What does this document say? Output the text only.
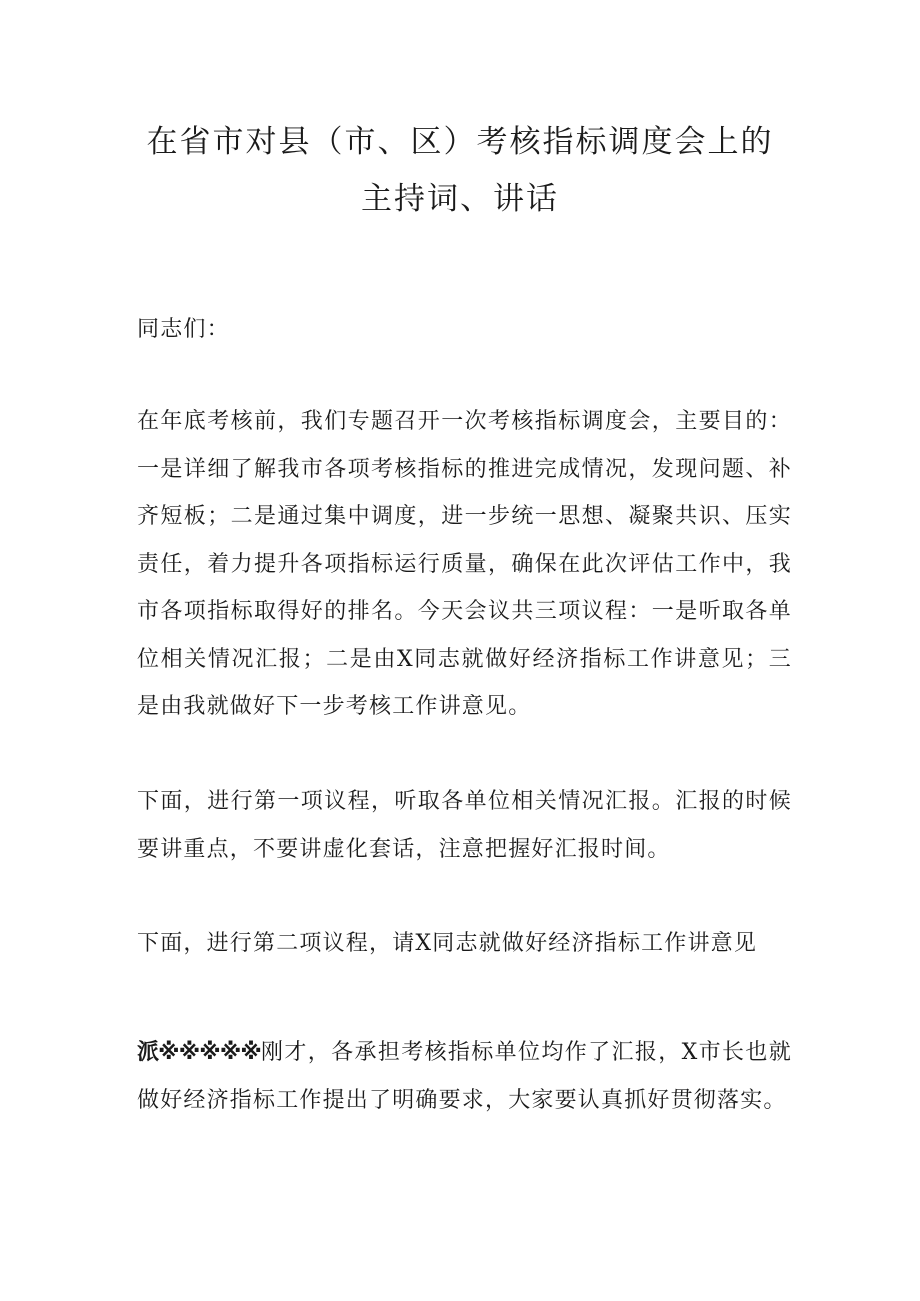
在省市对县（市、区）考核指标调度会上的
主持词、讲话

同志们：

在年底考核前，我们专题召开一次考核指标调度会，主要目的：一是详细了解我市各项考核指标的推进完成情况，发现问题、补齐短板；二是通过集中调度，进一步统一思想、凝聚共识、压实责任，着力提升各项指标运行质量，确保在此次评估工作中，我市各项指标取得好的排名。今天会议共三项议程：一是听取各单位相关情况汇报；二是由X同志就做好经济指标工作讲意见；三是由我就做好下一步考核工作讲意见。

下面，进行第一项议程，听取各单位相关情况汇报。汇报的时候要讲重点，不要讲虚化套话，注意把握好汇报时间。

下面，进行第二项议程，请X同志就做好经济指标工作讲意见

派※※※※※刚才，各承担考核指标单位均作了汇报，X市长也就做好经济指标工作提出了明确要求，大家要认真抓好贯彻落实。
